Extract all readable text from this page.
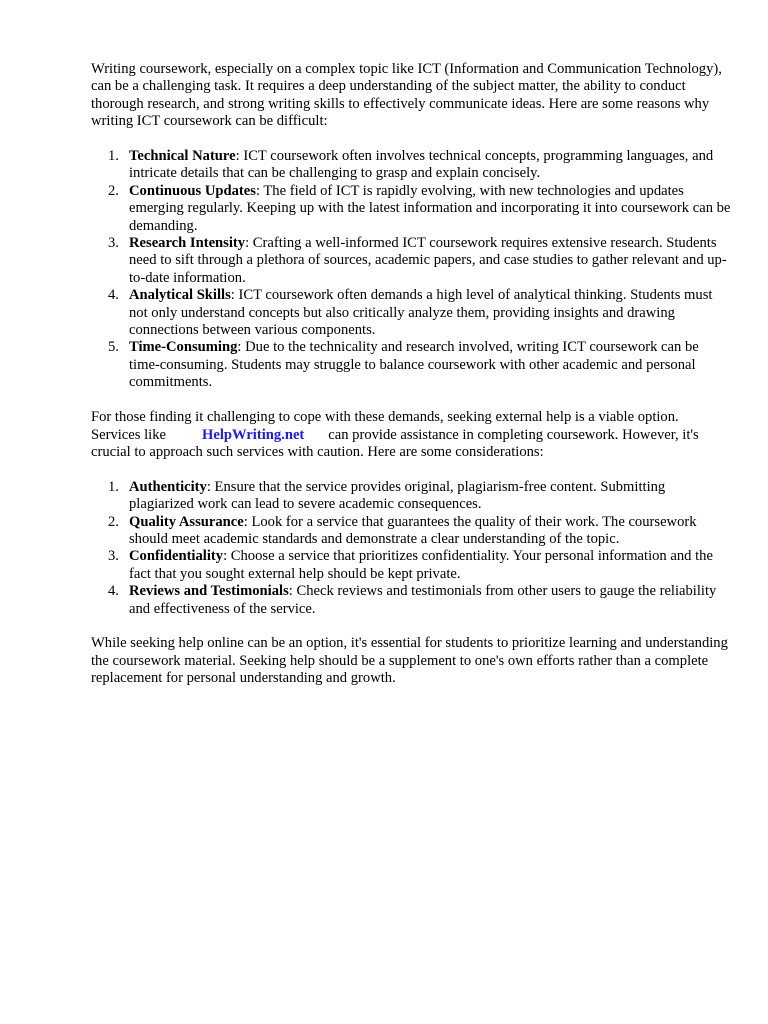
Writing coursework, especially on a complex topic like ICT (Information and Communication Technology), can be a challenging task. It requires a deep understanding of the subject matter, the ability to conduct thorough research, and strong writing skills to effectively communicate ideas. Here are some reasons why writing ICT coursework can be difficult:

1. Technical Nature: ICT coursework often involves technical concepts, programming languages, and intricate details that can be challenging to grasp and explain concisely.
2. Continuous Updates: The field of ICT is rapidly evolving, with new technologies and updates emerging regularly. Keeping up with the latest information and incorporating it into coursework can be demanding.
3. Research Intensity: Crafting a well-informed ICT coursework requires extensive research. Students need to sift through a plethora of sources, academic papers, and case studies to gather relevant and up-to-date information.
4. Analytical Skills: ICT coursework often demands a high level of analytical thinking. Students must not only understand concepts but also critically analyze them, providing insights and drawing connections between various components.
5. Time-Consuming: Due to the technicality and research involved, writing ICT coursework can be time-consuming. Students may struggle to balance coursework with other academic and personal commitments.

For those finding it challenging to cope with these demands, seeking external help is a viable option. Services like HelpWriting.net can provide assistance in completing coursework. However, it's crucial to approach such services with caution. Here are some considerations:

1. Authenticity: Ensure that the service provides original, plagiarism-free content. Submitting plagiarized work can lead to severe academic consequences.
2. Quality Assurance: Look for a service that guarantees the quality of their work. The coursework should meet academic standards and demonstrate a clear understanding of the topic.
3. Confidentiality: Choose a service that prioritizes confidentiality. Your personal information and the fact that you sought external help should be kept private.
4. Reviews and Testimonials: Check reviews and testimonials from other users to gauge the reliability and effectiveness of the service.

While seeking help online can be an option, it's essential for students to prioritize learning and understanding the coursework material. Seeking help should be a supplement to one's own efforts rather than a complete replacement for personal understanding and growth.
